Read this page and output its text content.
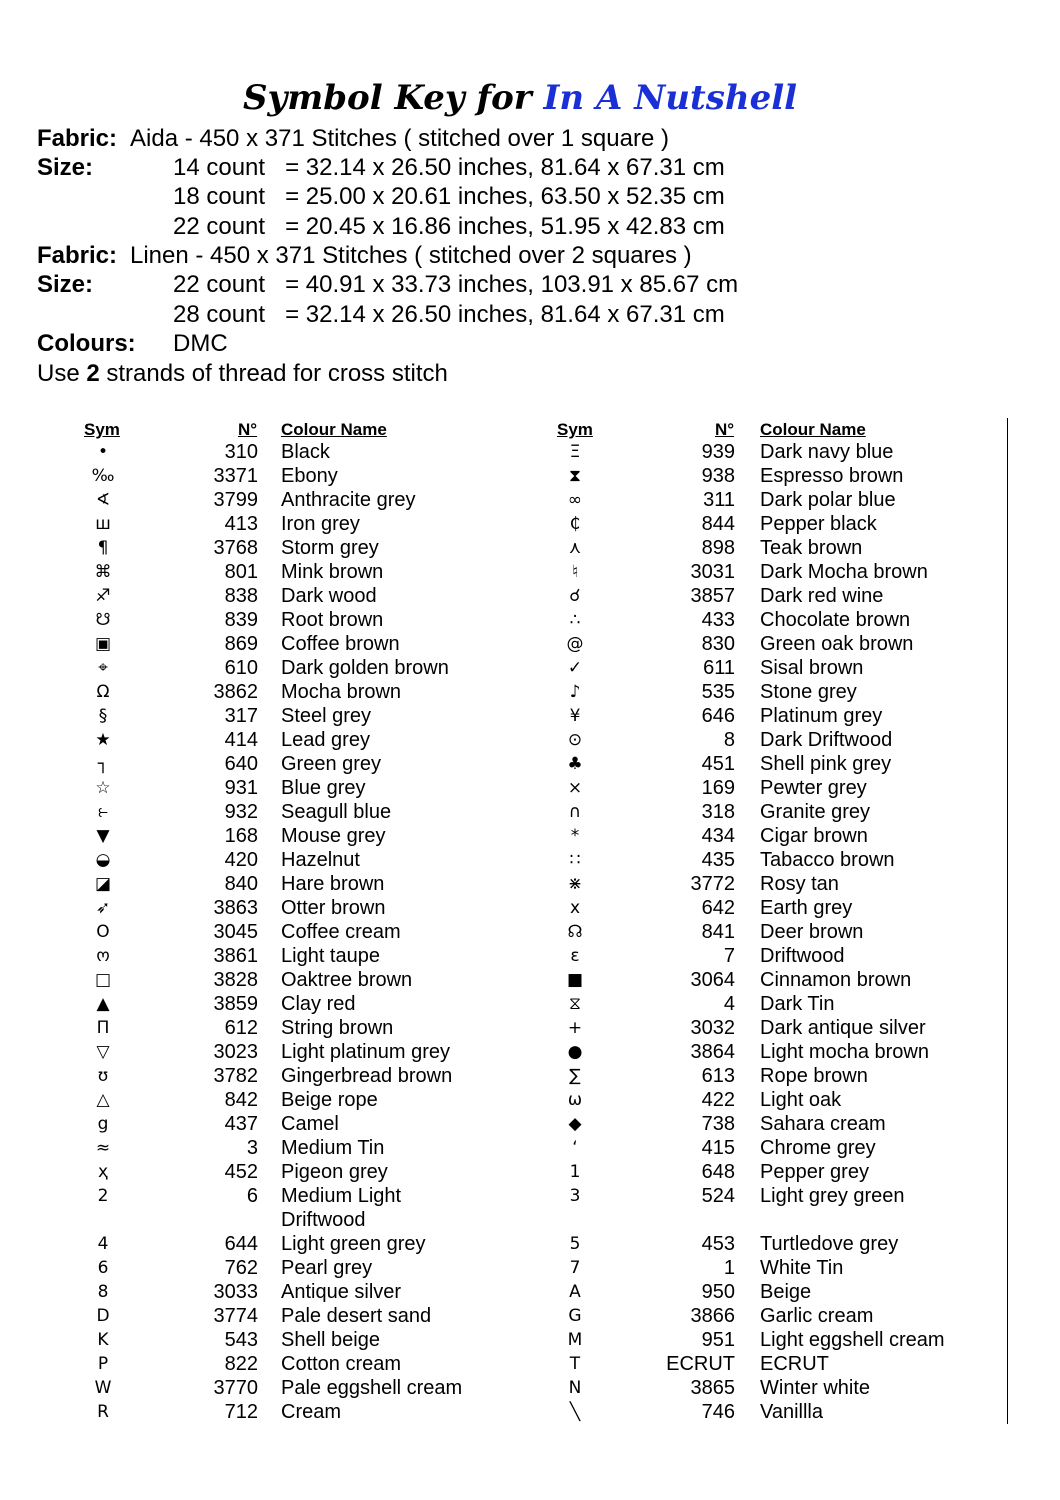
Symbol Key for In A Nutshell
Fabric: Aida - 450 x 371 Stitches ( stitched over 1 square )
Size:	14 count = 32.14 x 26.50 inches, 81.64 x 67.31 cm
18 count = 25.00 x 20.61 inches, 63.50 x 52.35 cm
22 count = 20.45 x 16.86 inches, 51.95 x 42.83 cm
Fabric: Linen - 450 x 371 Stitches ( stitched over 2 squares )
Size:	22 count = 40.91 x 33.73 inches, 103.91 x 85.67 cm
28 count = 32.14 x 26.50 inches, 81.64 x 67.31 cm
Colours: DMC
Use 2 strands of thread for cross stitch
Sym	N° Colour Name	Sym	N° Colour Name
•	310 Black
‰	3371 Ebony
∢	3799 Anthracite grey
ш	413 Iron grey
¶	3768 Storm grey
⌘	801 Mink brown
♐	838 Dark wood
☋	839 Root brown
▣	869 Coffee brown
⌖	610 Dark golden brown
Ω	3862 Mocha brown
§	317 Steel grey
★	414 Lead grey
┐	640 Green grey
☆	931 Blue grey
⥼	932 Seagull blue
▼	168 Mouse grey
◒	420 Hazelnut
◪	840 Hare brown
➶	3863 Otter brown
O	3045 Coffee cream
ო	3861 Light taupe
□	3828 Oaktree brown
▲	3859 Clay red
Π	612 String brown
▽	3023 Light platinum grey
ʊ	3782 Gingerbread brown
△	842 Beige rope
g	437 Camel
≈	3 Medium Tin
ҳ	452 Pigeon grey
2	6 Medium Light Driftwood
4	644 Light green grey
6	762 Pearl grey
8	3033 Antique silver
D	3774 Pale desert sand
K	543 Shell beige
P	822 Cotton cream
W	3770 Pale eggshell cream
R	712 Cream
Ξ	939 Dark navy blue
⧗	938 Espresso brown
∞	311 Dark polar blue
₵	844 Pepper black
⋏	898 Teak brown
♮	3031 Dark Mocha brown
☌	3857 Dark red wine
∴	433 Chocolate brown
@	830 Green oak brown
✓	611 Sisal brown
♪	535 Stone grey
¥	646 Platinum grey
⊙	8 Dark Driftwood
♣	451 Shell pink grey
×	169 Pewter grey
∩	318 Granite grey
*	434 Cigar brown
∷	435 Tabacco brown
⋇	3772 Rosy tan
x	642 Earth grey
☊	841 Deer brown
ε	7 Driftwood
■	3064 Cinnamon brown
⧖	4 Dark Tin
+	3032 Dark antique silver
●	3864 Light mocha brown
∑	613 Rope brown
ω	422 Light oak
◆	738 Sahara cream
‘	415 Chrome grey
1	648 Pepper grey
3	524 Light grey green
5	453 Turtledove grey
7	1 White Tin
A	950 Beige
G	3866 Garlic cream
M	951 Light eggshell cream
T	ECRUT ECRUT
N	3865 Winter white
╲	746 Vanillla
